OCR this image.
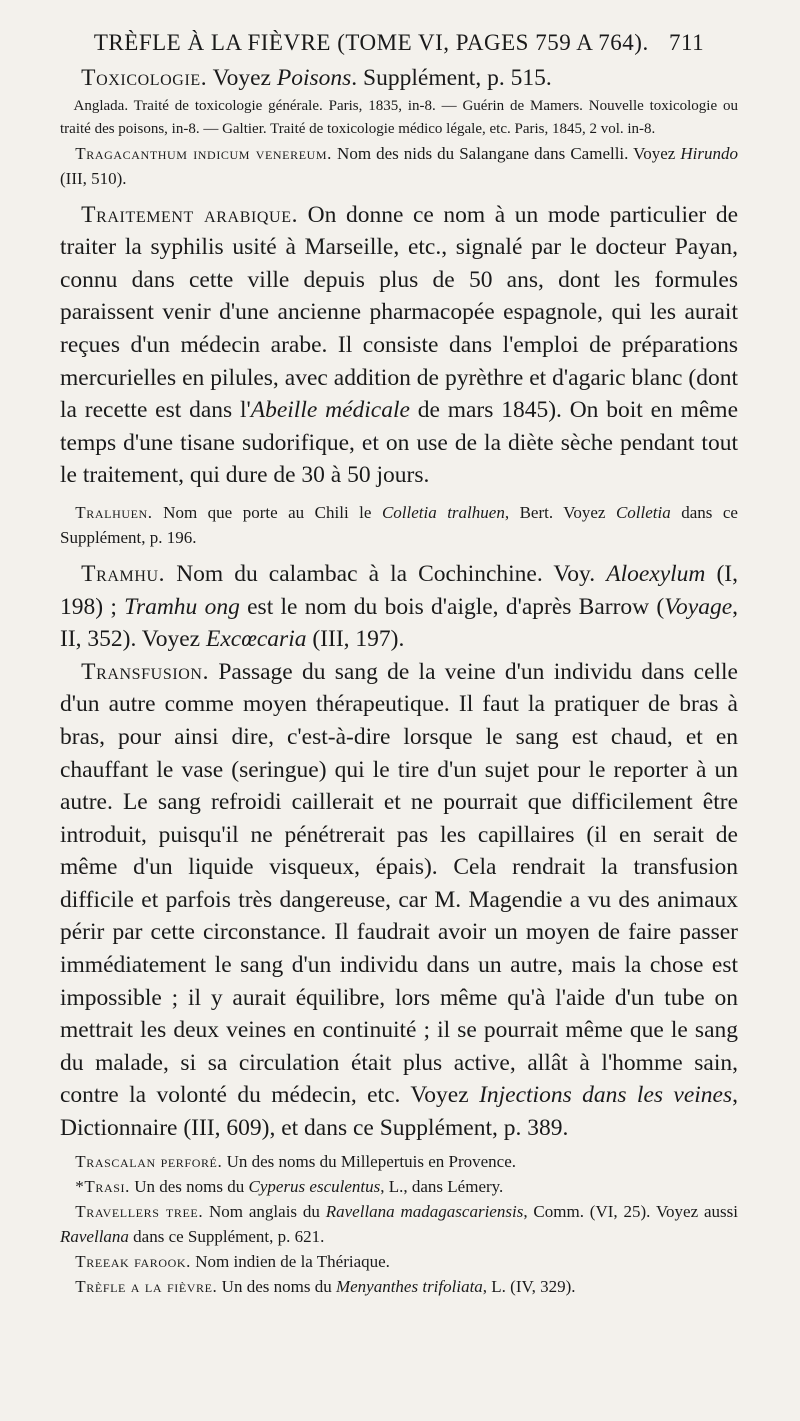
TRÈFLE À LA FIÈVRE (TOME VI, PAGES 759 A 764). 711

Toxicologie. Voyez Poisons. Supplément, p. 515.

Anglada. Traité de toxicologie générale. Paris, 1835, in-8. — Guérin de Mamers. Nouvelle toxicologie ou traité des poisons, in-8. — Galtier. Traité de toxicologie médico légale, etc. Paris, 1845, 2 vol. in-8.

Tragacanthum indicum venereum. Nom des nids du Salangane dans Camelli. Voyez Hirundo (III, 510).

Traitement arabique. On donne ce nom à un mode particulier de traiter la syphilis usité à Marseille, etc., signalé par le docteur Payan, connu dans cette ville depuis plus de 50 ans, dont les formules paraissent venir d'une ancienne pharmacopée espagnole, qui les aurait reçues d'un médecin arabe. Il consiste dans l'emploi de préparations mercurielles en pilules, avec addition de pyrèthre et d'agaric blanc (dont la recette est dans l'Abeille médicale de mars 1845). On boit en même temps d'une tisane sudorifique, et on use de la diète sèche pendant tout le traitement, qui dure de 30 à 50 jours.

Tralhuen. Nom que porte au Chili le Colletia tralhuen, Bert. Voyez Colletia dans ce Supplément, p. 196.

Tramhu. Nom du calambac à la Cochinchine. Voy. Aloexylum (I, 198) ; Tramhu ong est le nom du bois d'aigle, d'après Barrow (Voyage, II, 352). Voyez Excœcaria (III, 197).

Transfusion. Passage du sang de la veine d'un individu dans celle d'un autre comme moyen thérapeutique. Il faut la pratiquer de bras à bras, pour ainsi dire, c'est-à-dire lorsque le sang est chaud, et en chauffant le vase (seringue) qui le tire d'un sujet pour le reporter à un autre. Le sang refroidi caillerait et ne pourrait que difficilement être introduit, puisqu'il ne pénétrerait pas les capillaires (il en serait de même d'un liquide visqueux, épais). Cela rendrait la transfusion difficile et parfois très dangereuse, car M. Magendie a vu des animaux périr par cette circonstance. Il faudrait avoir un moyen de faire passer immédiatement le sang d'un individu dans un autre, mais la chose est impossible ; il y aurait équilibre, lors même qu'à l'aide d'un tube on mettrait les deux veines en continuité ; il se pourrait même que le sang du malade, si sa circulation était plus active, allât à l'homme sain, contre la volonté du médecin, etc. Voyez Injections dans les veines, Dictionnaire (III, 609), et dans ce Supplément, p. 389.

Trascalan perforé. Un des noms du Millepertuis en Provence.

*Trasi. Un des noms du Cyperus esculentus, L., dans Lémery.

Travellers tree. Nom anglais du Ravellana madagascariensis, Comm. (VI, 25). Voyez aussi Ravellana dans ce Supplément, p. 621.

Treeak farook. Nom indien de la Thériaque.

Trèfle a la fièvre. Un des noms du Menyanthes trifoliata, L. (IV, 329).
